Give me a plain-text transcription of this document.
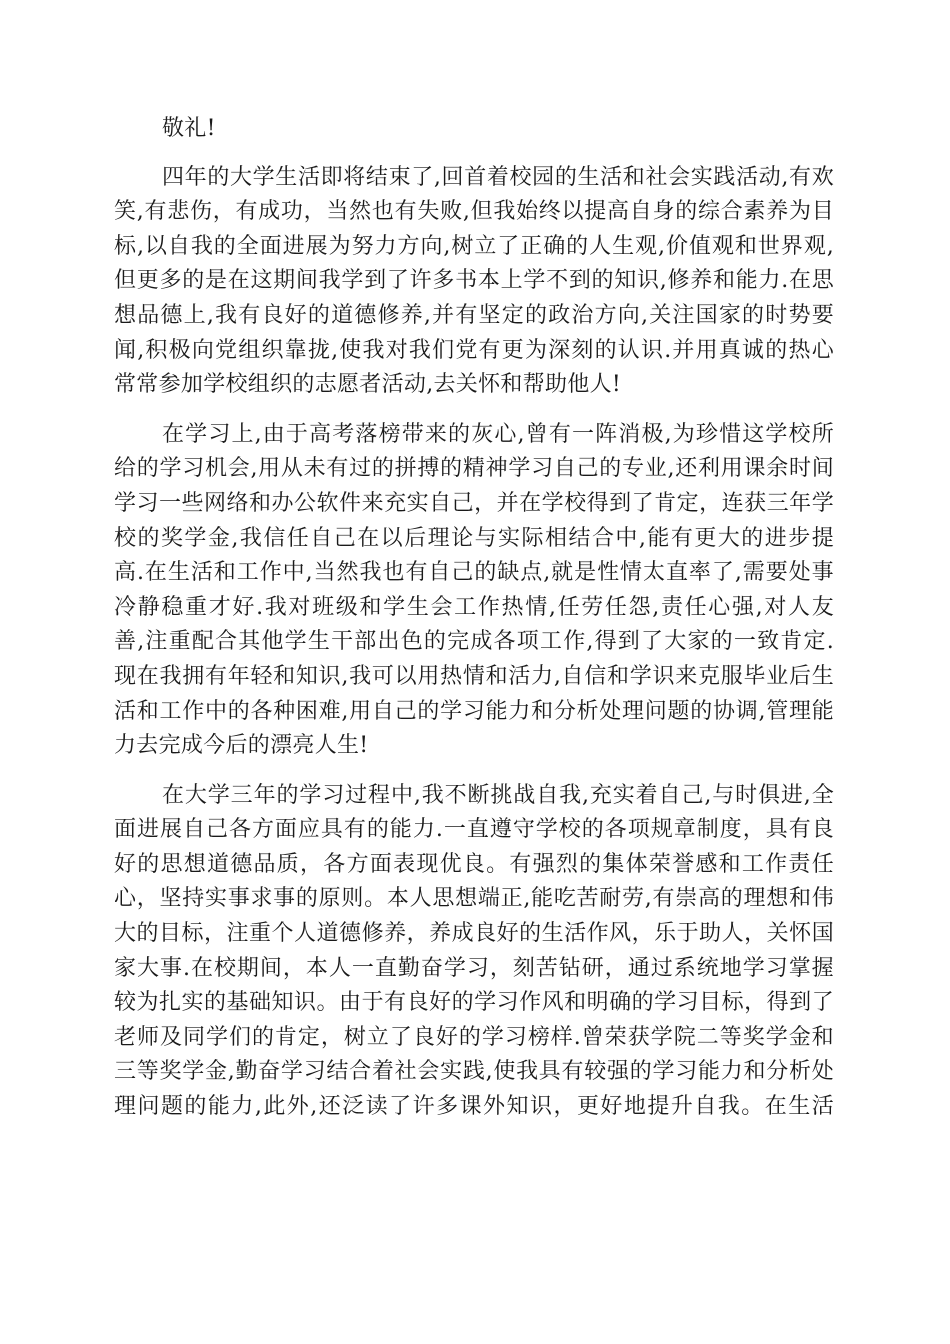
敬礼!

四年的大学生活即将结束了,回首着校园的生活和社会实践活动,有欢
笑,有悲伤，有成功，当然也有失败,但我始终以提高自身的综合素养为目
标,以自我的全面进展为努力方向,树立了正确的人生观,价值观和世界观,
但更多的是在这期间我学到了许多书本上学不到的知识,修养和能力.在思
想品德上,我有良好的道德修养,并有坚定的政治方向,关注国家的时势要
闻,积极向党组织靠拢,使我对我们党有更为深刻的认识.并用真诚的热心
常常参加学校组织的志愿者活动,去关怀和帮助他人!
在学习上,由于高考落榜带来的灰心,曾有一阵消极,为珍惜这学校所
给的学习机会,用从未有过的拼搏的精神学习自己的专业,还利用课余时间
学习一些网络和办公软件来充实自己，并在学校得到了肯定，连获三年学
校的奖学金,我信任自己在以后理论与实际相结合中,能有更大的进步提
高.在生活和工作中,当然我也有自己的缺点,就是性情太直率了,需要处事
冷静稳重才好.我对班级和学生会工作热情,任劳任怨,责任心强,对人友
善,注重配合其他学生干部出色的完成各项工作,得到了大家的一致肯定.
现在我拥有年轻和知识,我可以用热情和活力,自信和学识来克服毕业后生
活和工作中的各种困难,用自己的学习能力和分析处理问题的协调,管理能
力去完成今后的漂亮人生!
在大学三年的学习过程中,我不断挑战自我,充实着自己,与时俱进,全
面进展自己各方面应具有的能力.一直遵守学校的各项规章制度，具有良
好的思想道德品质，各方面表现优良。有强烈的集体荣誉感和工作责任
心，坚持实事求事的原则。本人思想端正,能吃苦耐劳,有崇高的理想和伟
大的目标，注重个人道德修养，养成良好的生活作风，乐于助人，关怀国
家大事.在校期间，本人一直勤奋学习，刻苦钻研，通过系统地学习掌握
较为扎实的基础知识。由于有良好的学习作风和明确的学习目标，得到了
老师及同学们的肯定，树立了良好的学习榜样.曾荣获学院二等奖学金和
三等奖学金,勤奋学习结合着社会实践,使我具有较强的学习能力和分析处
理问题的能力,此外,还泛读了许多课外知识，更好地提升自我。在生活
